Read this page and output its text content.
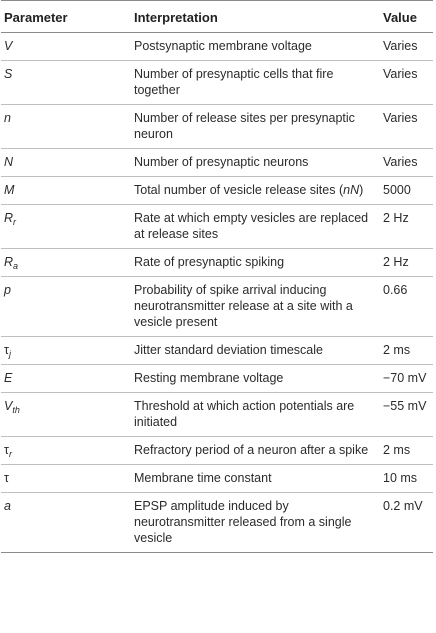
Parameter	Interpretation	Value
V	Postsynaptic membrane voltage	Varies
S	Number of presynaptic cells that fire together	Varies
n	Number of release sites per presynaptic neuron	Varies
N	Number of presynaptic neurons	Varies
M	Total number of vesicle release sites (nN)	5000
$R_r$	Rate at which empty vesicles are replaced at release sites	2 Hz
$R_a$	Rate of presynaptic spiking	2 Hz
p	Probability of spike arrival inducing neurotransmitter release at a site with a vesicle present	0.66
$\tau_j$	Jitter standard deviation timescale	2 ms
E	Resting membrane voltage	−70 mV
$V_{th}$	Threshold at which action potentials are initiated	−55 mV
$\tau_r$	Refractory period of a neuron after a spike	2 ms
τ	Membrane time constant	10 ms
a	EPSP amplitude induced by neurotransmitter released from a single vesicle	0.2 mV
